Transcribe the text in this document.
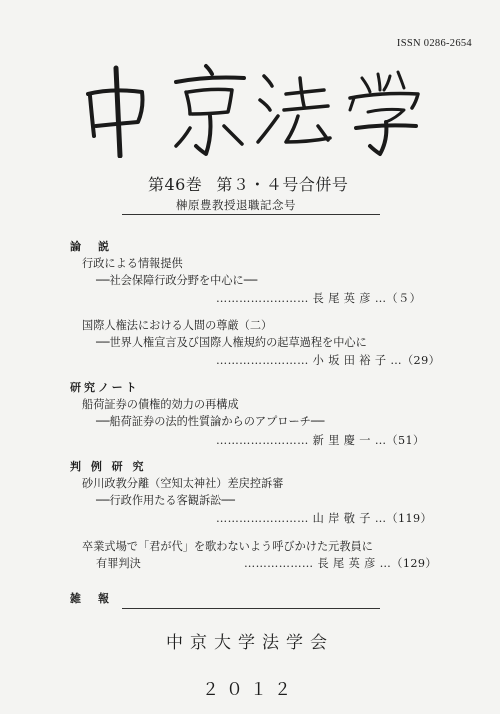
ISSN 0286-2654
第46巻 第３・４号合併号
榊原豊教授退職記念号
論　説
行政による情報提供
──社会保障行政分野を中心に──
…………………… 長 尾 英 彦 …（５）
国際人権法における人間の尊厳（二）
──世界人権宣言及び国際人権規約の起草過程を中心に
…………………… 小 坂 田 裕 子 …（29）
研究ノート
船荷証券の債権的効力の再構成
──船荷証券の法的性質論からのアプローチ──
…………………… 新 里 慶 一 …（51）
判 例 研 究
砂川政教分離（空知太神社）差戻控訴審
──行政作用たる客観訴訟──
…………………… 山 岸 敬 子 …（119）
卒業式場で「君が代」を歌わないよう呼びかけた元教員に
有罪判決	……………… 長 尾 英 彦 …（129）
雑　報
中京大学法学会
２０１２
